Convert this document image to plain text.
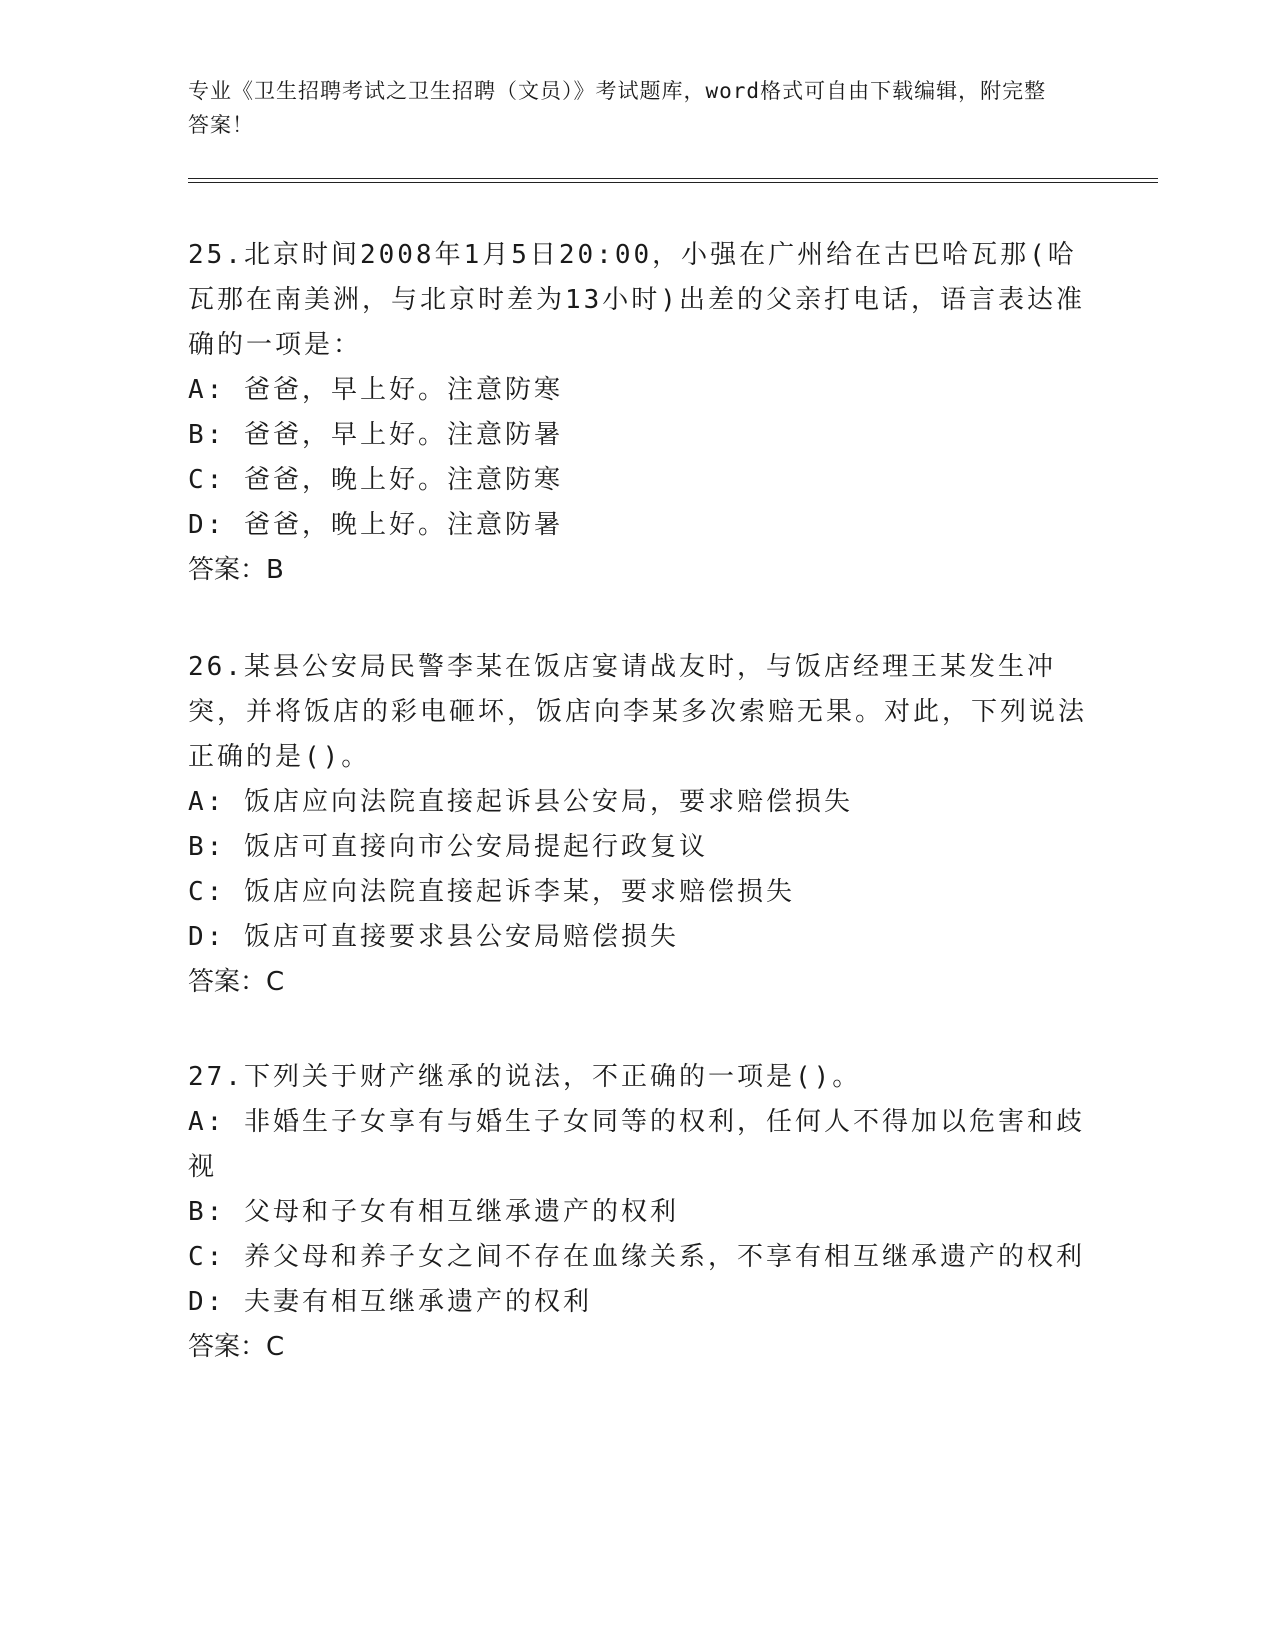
专业《卫生招聘考试之卫生招聘（文员）》考试题库，word格式可自由下载编辑，附完整答案！
25.北京时间2008年1月5日20:00，小强在广州给在古巴哈瓦那(哈瓦那在南美洲，与北京时差为13小时)出差的父亲打电话，语言表达准确的一项是：
A: 爸爸，早上好。注意防寒
B: 爸爸，早上好。注意防暑
C: 爸爸，晚上好。注意防寒
D: 爸爸，晚上好。注意防暑
答案：B
26.某县公安局民警李某在饭店宴请战友时，与饭店经理王某发生冲突，并将饭店的彩电砸坏，饭店向李某多次索赔无果。对此，下列说法正确的是()。
A: 饭店应向法院直接起诉县公安局，要求赔偿损失
B: 饭店可直接向市公安局提起行政复议
C: 饭店应向法院直接起诉李某，要求赔偿损失
D: 饭店可直接要求县公安局赔偿损失
答案：C
27.下列关于财产继承的说法，不正确的一项是()。
A: 非婚生子女享有与婚生子女同等的权利，任何人不得加以危害和歧视
B: 父母和子女有相互继承遗产的权利
C: 养父母和养子女之间不存在血缘关系，不享有相互继承遗产的权利
D: 夫妻有相互继承遗产的权利
答案：C
